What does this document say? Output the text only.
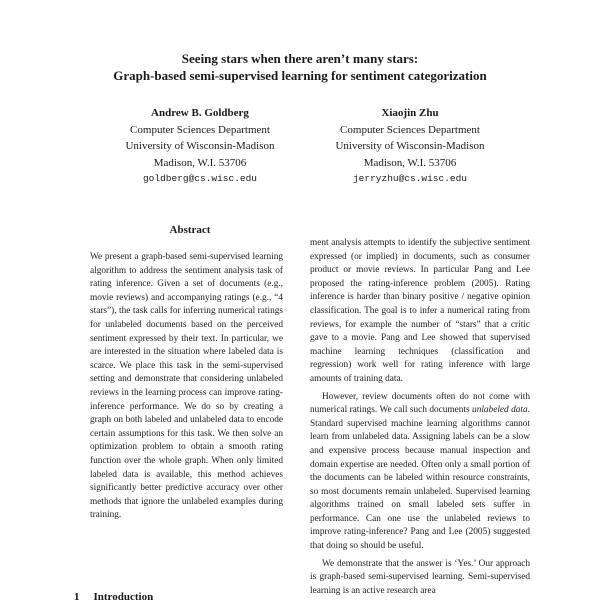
Seeing stars when there aren’t many stars:

Graph-based semi-supervised learning for sentiment categorization

Andrew B. Goldberg
Computer Sciences Department
University of Wisconsin-Madison
Madison, W.I. 53706
goldberg@cs.wisc.edu
Xiaojin Zhu
Computer Sciences Department
University of Wisconsin-Madison
Madison, W.I. 53706
jerryzhu@cs.wisc.edu
Abstract

We present a graph-based semi-supervised learning algorithm to address the sentiment analysis task of rating inference. Given a set of documents (e.g., movie reviews) and accompanying ratings (e.g., “4 stars”), the task calls for inferring numerical ratings for unlabeled documents based on the perceived sentiment expressed by their text. In particular, we are interested in the situation where labeled data is scarce. We place this task in the semi-supervised setting and demonstrate that considering unlabeled reviews in the learning process can improve rating-inference performance. We do so by creating a graph on both labeled and unlabeled data to encode certain assumptions for this task. We then solve an optimization problem to obtain a smooth rating function over the whole graph. When only limited labeled data is available, this method achieves significantly better predictive accuracy over other methods that ignore the unlabeled examples during training.

ment analysis attempts to identify the subjective sentiment expressed (or implied) in documents, such as consumer product or movie reviews. In particular Pang and Lee proposed the rating-inference problem (2005). Rating inference is harder than binary positive / negative opinion classification. The goal is to infer a numerical rating from reviews, for example the number of “stars” that a critic gave to a movie. Pang and Lee showed that supervised machine learning techniques (classification and regression) work well for rating inference with large amounts of training data.

However, review documents often do not come with numerical ratings. We call such documents unlabeled data. Standard supervised machine learning algorithms cannot learn from unlabeled data. Assigning labels can be a slow and expensive process because manual inspection and domain expertise are needed. Often only a small portion of the documents can be labeled within resource constraints, so most documents remain unlabeled. Supervised learning algorithms trained on small labeled sets suffer in performance. Can one use the unlabeled reviews to improve rating-inference? Pang and Lee (2005) suggested that doing so should be useful.

We demonstrate that the answer is ‘Yes.’ Our approach is graph-based semi-supervised learning. Semi-supervised learning is an active research area

1 Introduction
